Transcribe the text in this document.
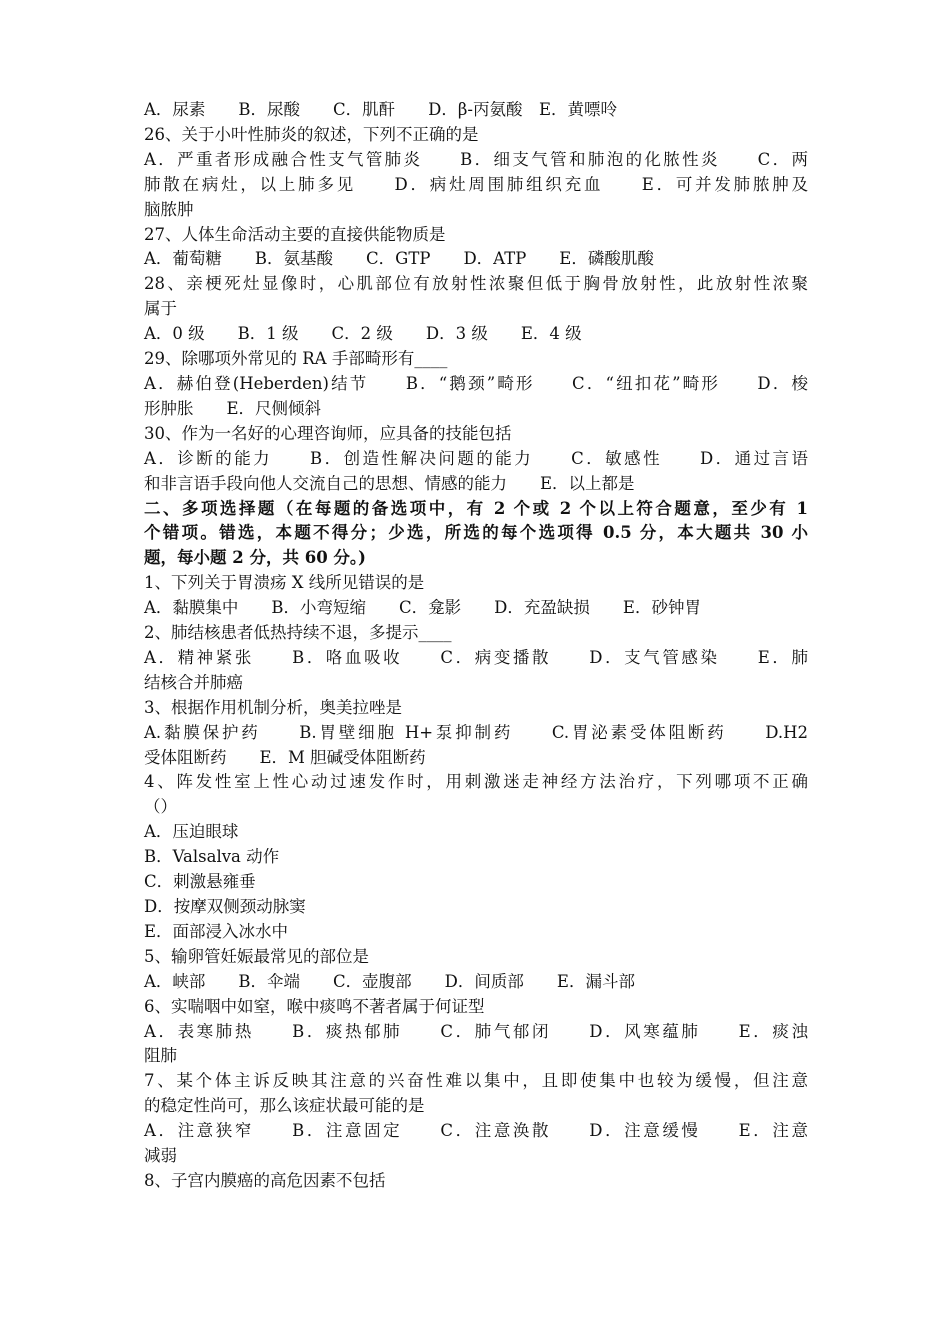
A．尿素　　B．尿酸　　C．肌酐　　D．β-丙氨酸　E．黄嘌呤
26、关于小叶性肺炎的叙述，下列不正确的是
A．严重者形成融合性支气管肺炎　　B．细支气管和肺泡的化脓性炎　　C．两
肺散在病灶，以上肺多见　　D．病灶周围肺组织充血　　E．可并发肺脓肿及
脑脓肿
27、人体生命活动主要的直接供能物质是
A．葡萄糖　　B．氨基酸　　C．GTP　　D．ATP　　E．磷酸肌酸
28、亲梗死灶显像时，心肌部位有放射性浓聚但低于胸骨放射性，此放射性浓聚
属于
A．0 级　　B．1 级　　C．2 级　　D．3 级　　E．4 级
29、除哪项外常见的 RA 手部畸形有____
A．赫伯登(Heberden)结节　　B．“鹅颈”畸形　　C．“纽扣花”畸形　　D．梭
形肿胀　　E．尺侧倾斜
30、作为一名好的心理咨询师，应具备的技能包括
A．诊断的能力　　B．创造性解决问题的能力　　C．敏感性　　D．通过言语
和非言语手段向他人交流自己的思想、情感的能力　　E．以上都是
二、多项选择题（在每题的备选项中，有 2 个或 2 个以上符合题意，至少有 1
个错项。错选，本题不得分；少选，所选的每个选项得 0.5 分，本大题共 30 小
题，每小题 2 分，共 60 分。)
1、下列关于胃溃疡 X 线所见错误的是
A．黏膜集中　　B．小弯短缩　　C．龛影　　D．充盈缺损　　E．砂钟胃
2、肺结核患者低热持续不退，多提示____
A．精神紧张　　B．咯血吸收　　C．病变播散　　D．支气管感染　　E．肺
结核合并肺癌
3、根据作用机制分析，奥美拉唑是
A.黏膜保护药　　B.胃壁细胞 H+泵抑制药　　C.胃泌素受体阻断药　　D.H2
受体阻断药　　E．M 胆碱受体阻断药
4、阵发性室上性心动过速发作时，用刺激迷走神经方法治疗，下列哪项不正确
（）
A．压迫眼球
B．Valsalva 动作
C．刺激悬雍垂
D．按摩双侧颈动脉窦
E．面部浸入冰水中
5、输卵管妊娠最常见的部位是
A．峡部　　B．伞端　　C．壶腹部　　D．间质部　　E．漏斗部
6、实喘咽中如窒，喉中痰鸣不著者属于何证型
A．表寒肺热　　B．痰热郁肺　　C．肺气郁闭　　D．风寒蕴肺　　E．痰浊
阻肺
7、某个体主诉反映其注意的兴奋性难以集中，且即使集中也较为缓慢，但注意
的稳定性尚可，那么该症状最可能的是
A．注意狭窄　　B．注意固定　　C．注意涣散　　D．注意缓慢　　E．注意
减弱
8、子宫内膜癌的高危因素不包括
